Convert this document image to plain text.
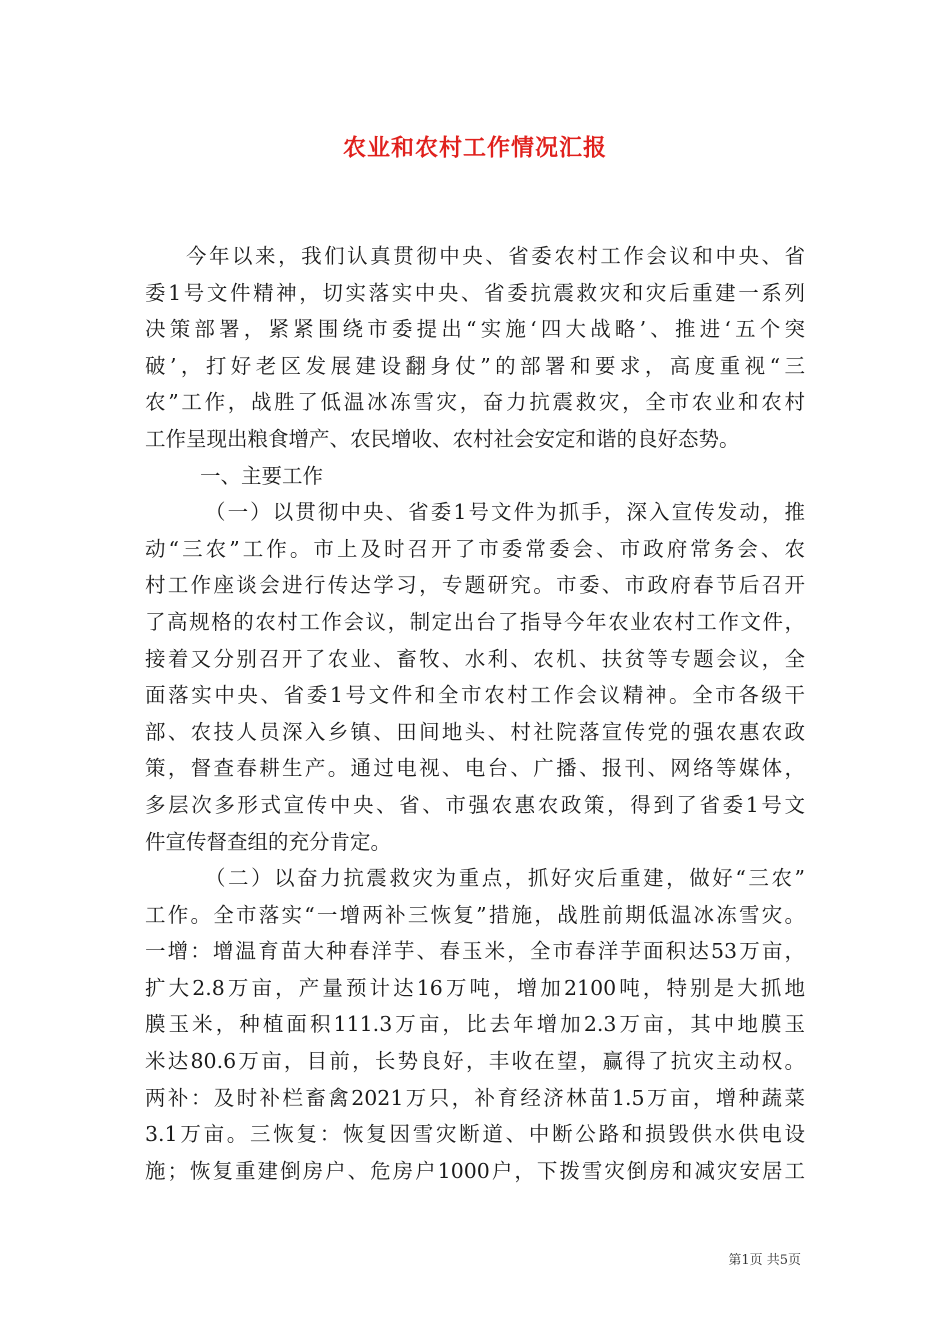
农业和农村工作情况汇报
今年以来，我们认真贯彻中央、省委农村工作会议和中央、省
委1号文件精神，切实落实中央、省委抗震救灾和灾后重建一系列
决策部署，紧紧围绕市委提出“实施‘四大战略’、推进‘五个突
破’，打好老区发展建设翻身仗”的部署和要求，高度重视“三
农”工作，战胜了低温冰冻雪灾，奋力抗震救灾，全市农业和农村
工作呈现出粮食增产、农民增收、农村社会安定和谐的良好态势。
一、主要工作
（一）以贯彻中央、省委1号文件为抓手，深入宣传发动，推
动“三农”工作。市上及时召开了市委常委会、市政府常务会、农
村工作座谈会进行传达学习，专题研究。市委、市政府春节后召开
了高规格的农村工作会议，制定出台了指导今年农业农村工作文件，
接着又分别召开了农业、畜牧、水利、农机、扶贫等专题会议，全
面落实中央、省委1号文件和全市农村工作会议精神。全市各级干
部、农技人员深入乡镇、田间地头、村社院落宣传党的强农惠农政
策，督查春耕生产。通过电视、电台、广播、报刊、网络等媒体，
多层次多形式宣传中央、省、市强农惠农政策，得到了省委1号文
件宣传督查组的充分肯定。
（二）以奋力抗震救灾为重点，抓好灾后重建，做好“三农”
工作。全市落实“一增两补三恢复”措施，战胜前期低温冰冻雪灾。
一增：增温育苗大种春洋芋、春玉米，全市春洋芋面积达53万亩，
扩大2.8万亩，产量预计达16万吨，增加2100吨，特别是大抓地
膜玉米，种植面积111.3万亩，比去年增加2.3万亩，其中地膜玉
米达80.6万亩，目前，长势良好，丰收在望，赢得了抗灾主动权。
两补：及时补栏畜禽2021万只，补育经济林苗1.5万亩，增种蔬菜
3.1万亩。三恢复：恢复因雪灾断道、中断公路和损毁供水供电设
施；恢复重建倒房户、危房户1000户，下拨雪灾倒房和减灾安居工
第1页 共5页
